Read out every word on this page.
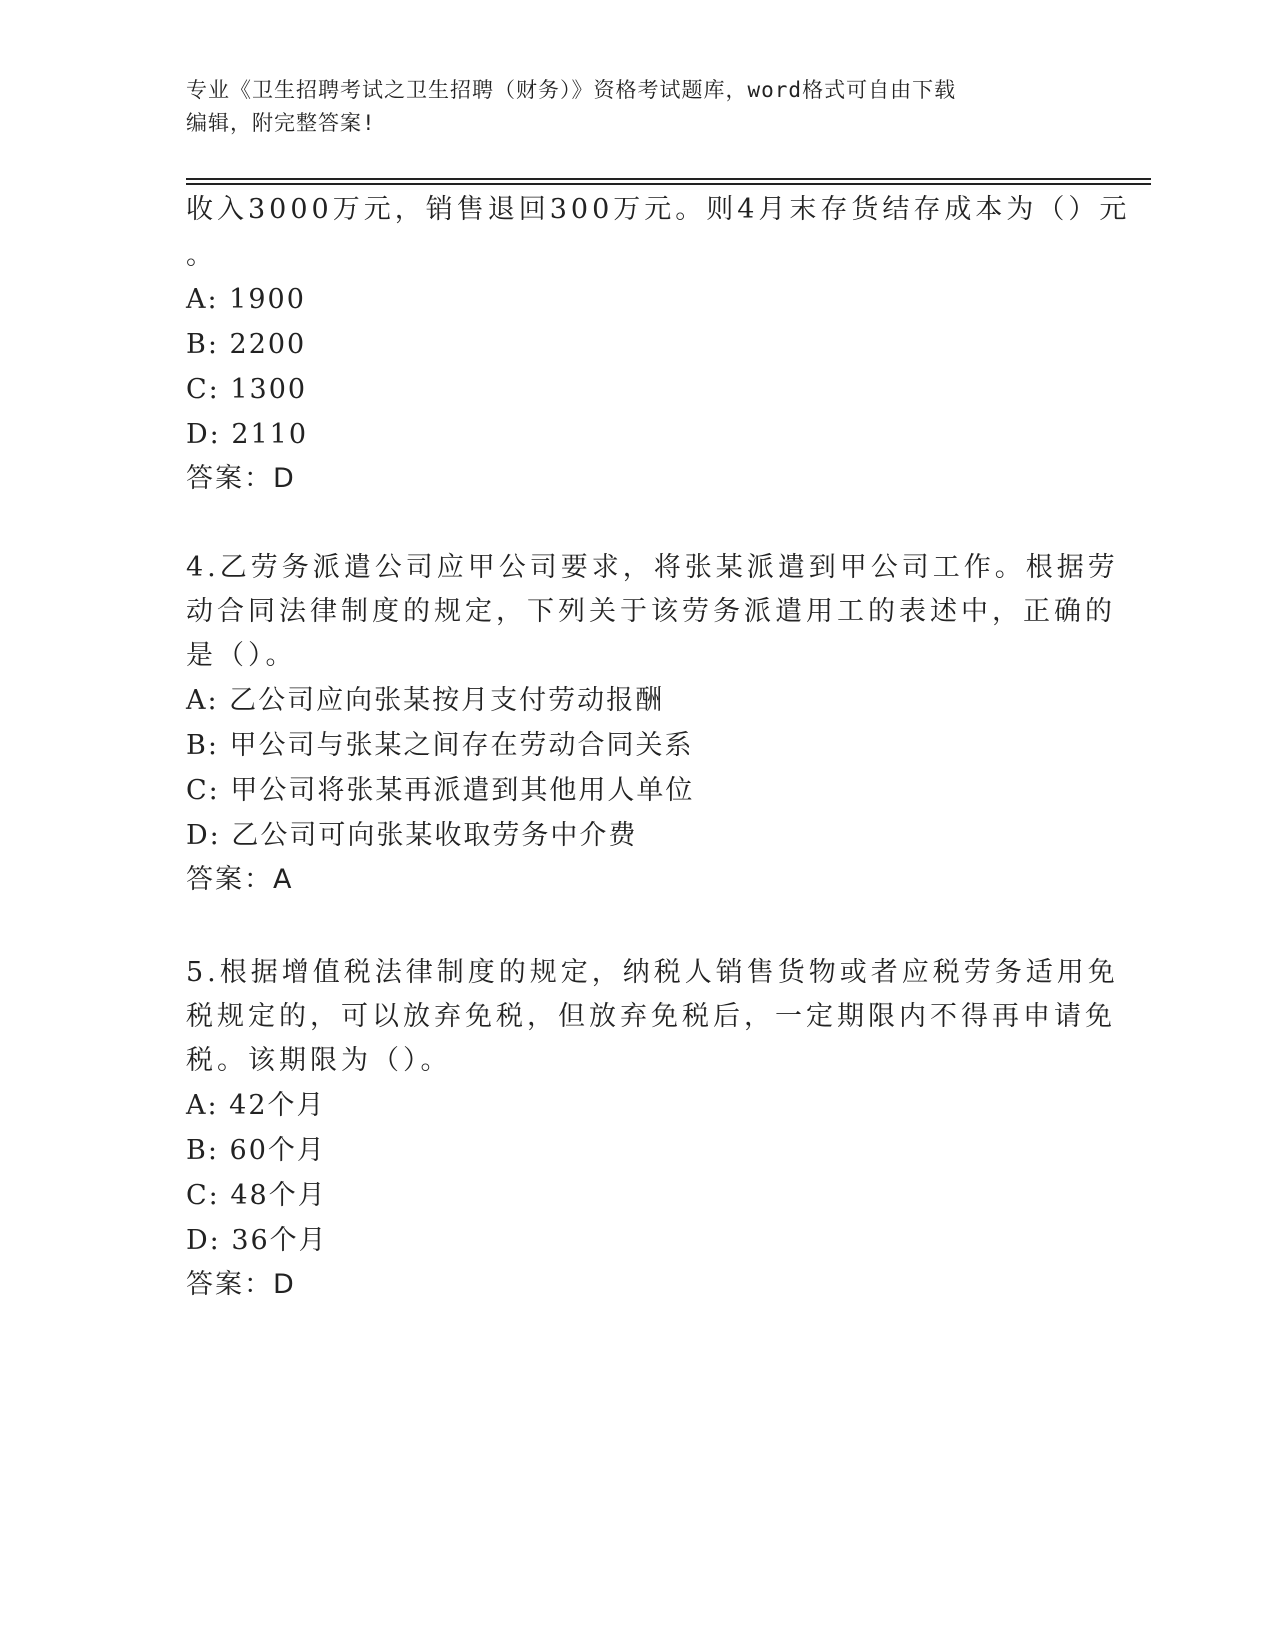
专业《卫生招聘考试之卫生招聘（财务）》资格考试题库，word格式可自由下载

编辑，附完整答案!

收入3000万元，销售退回300万元。则4月末存货结存成本为（）元

。

A: 1900

B: 2200

C: 1300

D: 2110

答案：D

4.乙劳务派遣公司应甲公司要求，将张某派遣到甲公司工作。根据劳

动合同法律制度的规定，下列关于该劳务派遣用工的表述中，正确的

是（）。

A: 乙公司应向张某按月支付劳动报酬

B: 甲公司与张某之间存在劳动合同关系

C: 甲公司将张某再派遣到其他用人单位

D: 乙公司可向张某收取劳务中介费

答案：A

5.根据增值税法律制度的规定，纳税人销售货物或者应税劳务适用免

税规定的，可以放弃免税，但放弃免税后，一定期限内不得再申请免

税。该期限为（）。

A: 42个月

B: 60个月

C: 48个月

D: 36个月

答案：D
